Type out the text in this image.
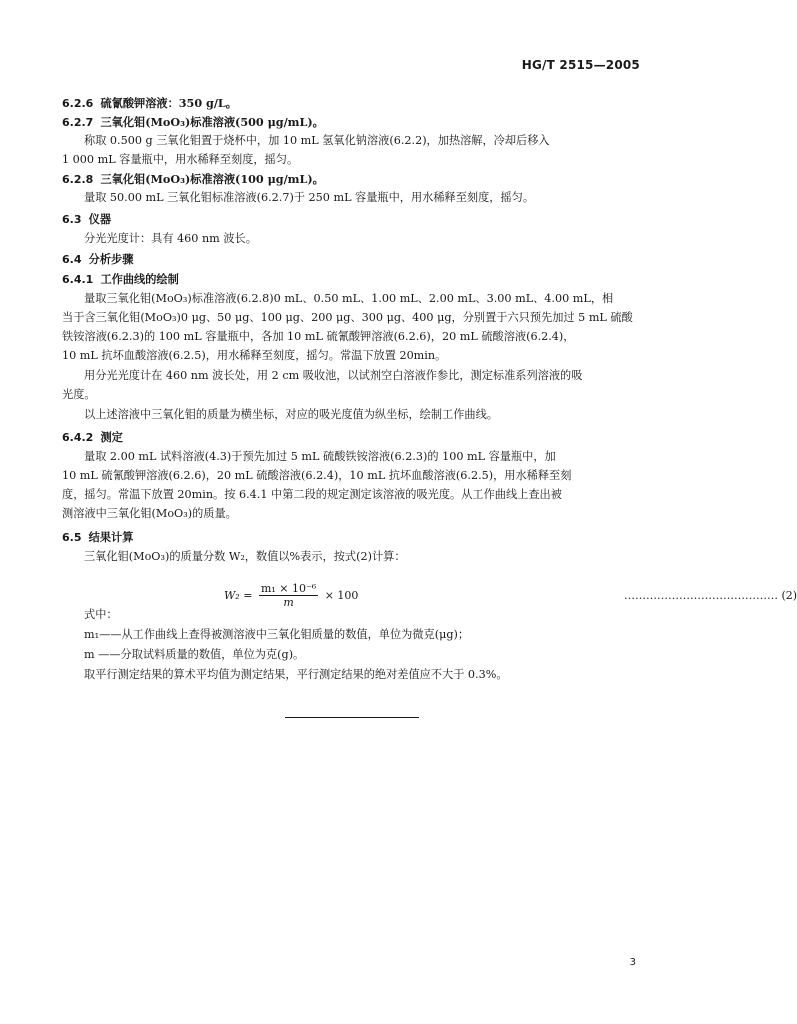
HG/T 2515—2005
6.2.6 硫氰酸钾溶液：350 g/L。
6.2.7 三氧化钼(MoO₃)标准溶液(500 μg/mL)。
称取 0.500 g 三氧化钼置于烧杯中，加 10 mL 氢氧化钠溶液(6.2.2)，加热溶解，冷却后移入
1 000 mL 容量瓶中，用水稀释至刻度，摇匀。
6.2.8 三氧化钼(MoO₃)标准溶液(100 μg/mL)。
量取 50.00 mL 三氧化钼标准溶液(6.2.7)于 250 mL 容量瓶中，用水稀释至刻度，摇匀。
6.3 仪器
分光光度计：具有 460 nm 波长。
6.4 分析步骤
6.4.1 工作曲线的绘制
量取三氧化钼(MoO₃)标准溶液(6.2.8)0 mL、0.50 mL、1.00 mL、2.00 mL、3.00 mL、4.00 mL，相
当于含三氧化钼(MoO₃)0 μg、50 μg、100 μg、200 μg、300 μg、400 μg，分别置于六只预先加过 5 mL 硫酸
铁铵溶液(6.2.3)的 100 mL 容量瓶中，各加 10 mL 硫氰酸钾溶液(6.2.6)，20 mL 硫酸溶液(6.2.4)，
10 mL 抗坏血酸溶液(6.2.5)，用水稀释至刻度，摇匀。常温下放置 20min。
用分光光度计在 460 nm 波长处，用 2 cm 吸收池，以试剂空白溶液作参比，测定标准系列溶液的吸
光度。
以上述溶液中三氧化钼的质量为横坐标，对应的吸光度值为纵坐标，绘制工作曲线。
6.4.2 测定
量取 2.00 mL 试料溶液(4.3)于预先加过 5 mL 硫酸铁铵溶液(6.2.3)的 100 mL 容量瓶中，加
10 mL 硫氰酸钾溶液(6.2.6)，20 mL 硫酸溶液(6.2.4)，10 mL 抗坏血酸溶液(6.2.5)，用水稀释至刻
度，摇匀。常温下放置 20min。按 6.4.1 中第二段的规定测定该溶液的吸光度。从工作曲线上查出被
测溶液中三氧化钼(MoO₃)的质量。
6.5 结果计算
三氧化钼(MoO₃)的质量分数 W₂，数值以%表示，按式(2)计算：
式中：
m₁——从工作曲线上查得被测溶液中三氧化钼质量的数值，单位为微克(μg)；
m ——分取试料质量的数值，单位为克(g)。
取平行测定结果的算术平均值为测定结果，平行测定结果的绝对差值应不大于 0.3%。
$W_2 = \frac{\text{m₁ × 10⁻⁶}}{m} \times 100$	…………………………………… (2)
3
